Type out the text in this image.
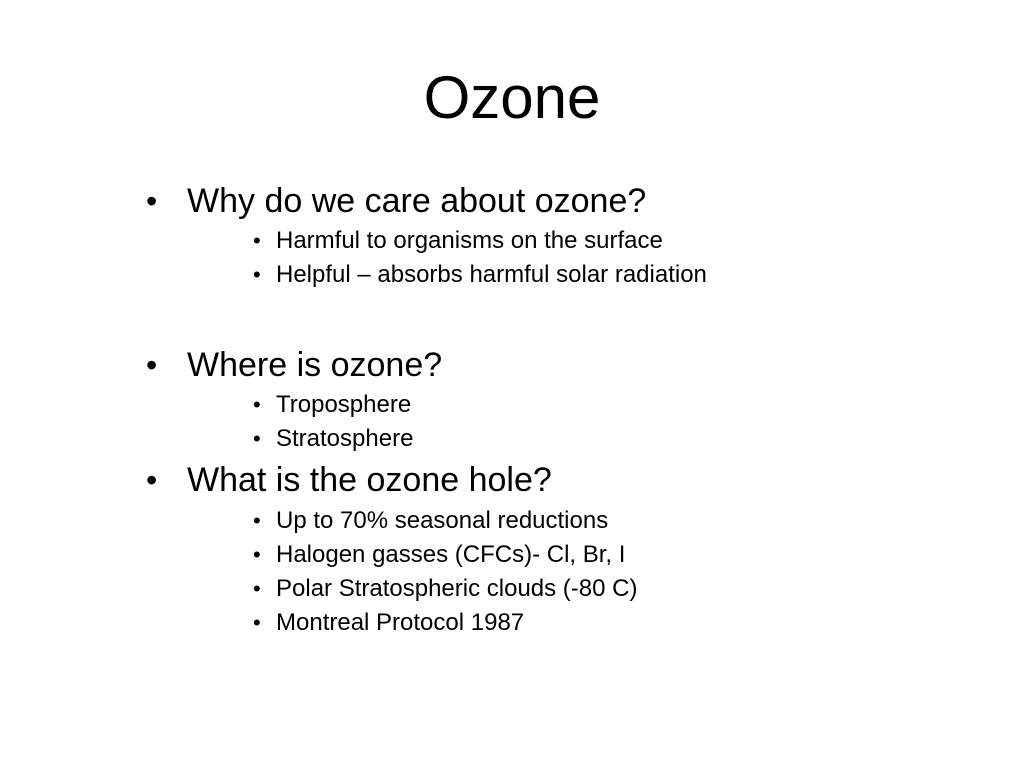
Ozone
• Why do we care about ozone?
• Harmful to organisms on the surface
• Helpful – absorbs harmful solar radiation
• Where is ozone?
• Troposphere
• Stratosphere
• What is the ozone hole?
• Up to 70% seasonal reductions
• Halogen gasses (CFCs)- Cl, Br, I
• Polar Stratospheric clouds (-80 C)
• Montreal Protocol 1987
